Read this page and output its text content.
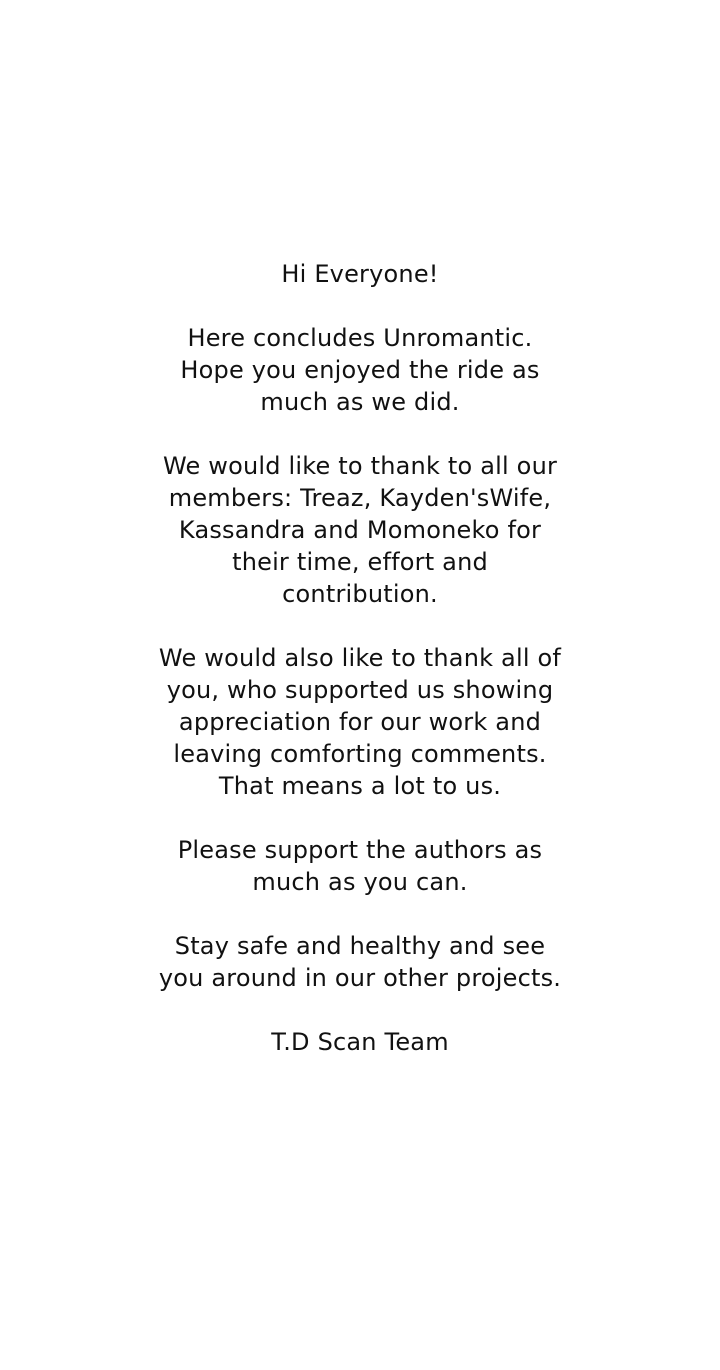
Hi Everyone!
Here concludes Unromantic.
Hope you enjoyed the ride as
much as we did.
We would like to thank to all our
members: Treaz, Kayden'sWife,
Kassandra and Momoneko for
their time, effort and
contribution.
We would also like to thank all of
you, who supported us showing
appreciation for our work and
leaving comforting comments.
That means a lot to us.
Please support the authors as
much as you can.
Stay safe and healthy and see
you around in our other projects.
T.D Scan Team
